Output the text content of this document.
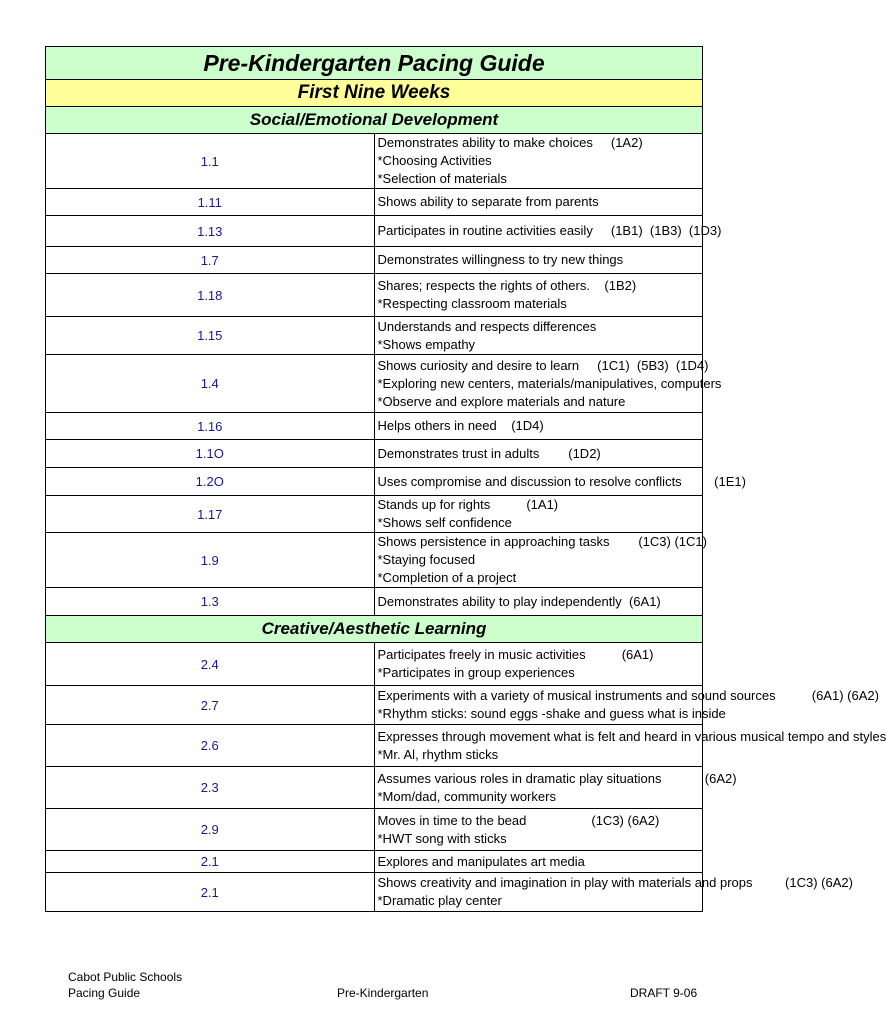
Pre-Kindergarten Pacing Guide	
First Nine Weeks	
Social/Emotional Development	
1.1	Demonstrates ability to make choices     (1A2)
*Choosing Activities
*Selection of materials

1.11	Shows ability to separate from parents

1.13	Participates in routine activities easily     (1B1)  (1B3)  (1D3)

1.7	Demonstrates willingness to try new things

1.18	Shares; respects the rights of others.    (1B2)
*Respecting classroom materials

1.15	Understands and respects differences
*Shows empathy

1.4	Shows curiosity and desire to learn     (1C1)  (5B3)  (1D4)
*Exploring new centers, materials/manipulatives, computers
*Observe and explore materials and nature

1.16	Helps others in need    (1D4)

1.1O	Demonstrates trust in adults        (1D2)

1.2O	Uses compromise and discussion to resolve conflicts         (1E1)

1.17	Stands up for rights          (1A1)
*Shows self confidence

1.9	Shows persistence in approaching tasks        (1C3) (1C1)
*Staying focused
*Completion of a project

1.3	Demonstrates ability to play independently  (6A1)

Creative/Aesthetic Learning	
2.4	Participates freely in music activities          (6A1)
*Participates in group experiences

2.7	Experiments with a variety of musical instruments and sound sources          (6A1) (6A2)
*Rhythm sticks: sound eggs -shake and guess what is inside

2.6	Expresses through movement what is felt and heard in various musical tempo and styles
*Mr. Al, rhythm sticks

2.3	Assumes various roles in dramatic play situations            (6A2)
*Mom/dad, community workers

2.9	Moves in time to the bead                  (1C3) (6A2)
*HWT song with sticks

2.1	Explores and manipulates art media

2.1	Shows creativity and imagination in play with materials and props         (1C3) (6A2)
*Dramatic play center
Cabot Public Schools
Pacing Guide	Pre-Kindergarten	DRAFT 9-06
